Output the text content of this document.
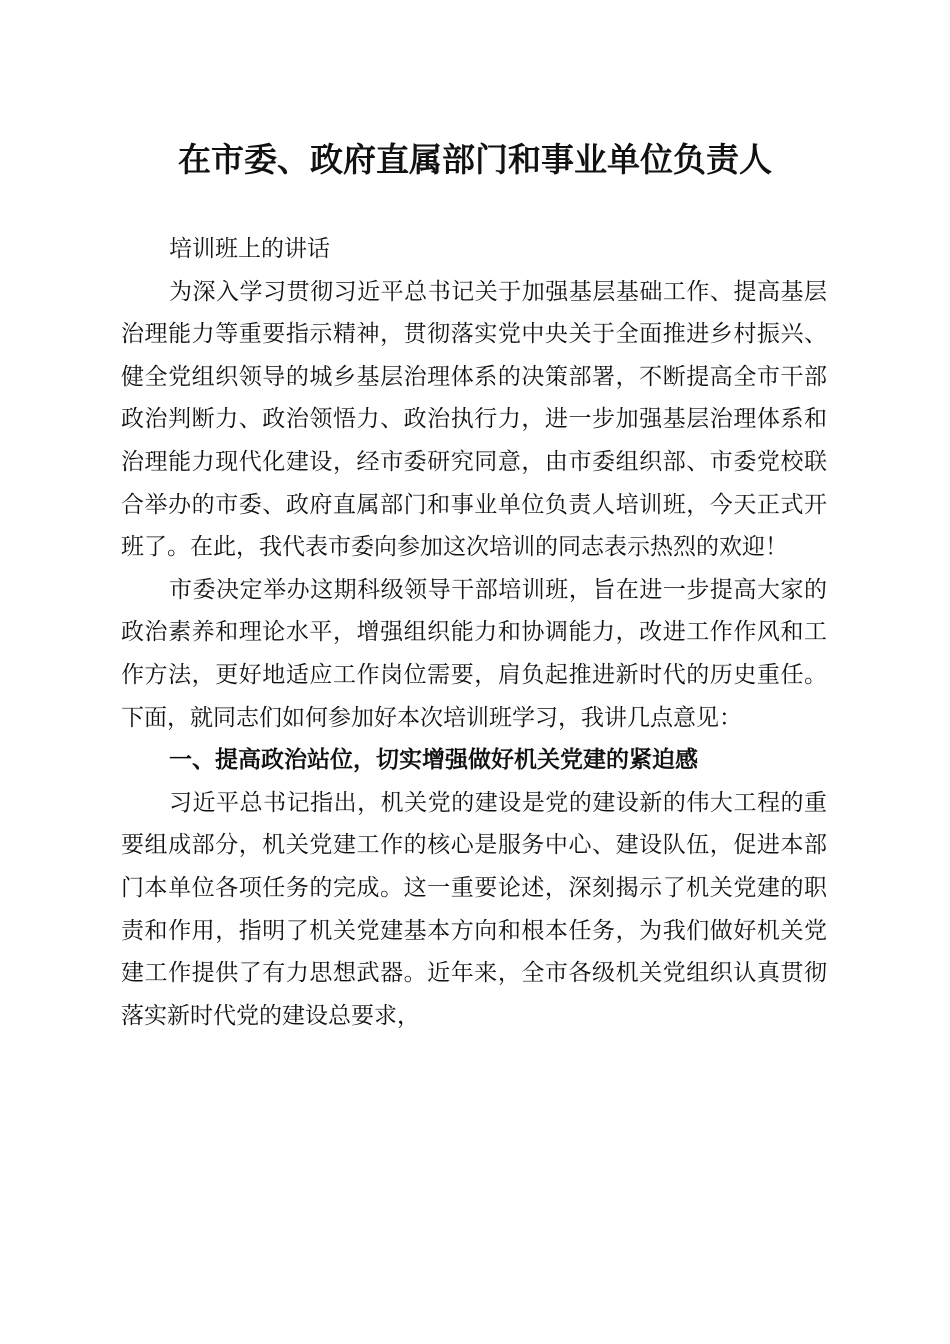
在市委、政府直属部门和事业单位负责人

培训班上的讲话

为深入学习贯彻习近平总书记关于加强基层基础工作、提高基层治理能力等重要指示精神，贯彻落实党中央关于全面推进乡村振兴、健全党组织领导的城乡基层治理体系的决策部署，不断提高全市干部政治判断力、政治领悟力、政治执行力，进一步加强基层治理体系和治理能力现代化建设，经市委研究同意，由市委组织部、市委党校联合举办的市委、政府直属部门和事业单位负责人培训班，今天正式开班了。在此，我代表市委向参加这次培训的同志表示热烈的欢迎！

市委决定举办这期科级领导干部培训班，旨在进一步提高大家的政治素养和理论水平，增强组织能力和协调能力，改进工作作风和工作方法，更好地适应工作岗位需要，肩负起推进新时代的历史重任。下面，就同志们如何参加好本次培训班学习，我讲几点意见：

一、提高政治站位，切实增强做好机关党建的紧迫感

习近平总书记指出，机关党的建设是党的建设新的伟大工程的重要组成部分，机关党建工作的核心是服务中心、建设队伍，促进本部门本单位各项任务的完成。这一重要论述，深刻揭示了机关党建的职责和作用，指明了机关党建基本方向和根本任务，为我们做好机关党建工作提供了有力思想武器。近年来，全市各级机关党组织认真贯彻落实新时代党的建设总要求，
